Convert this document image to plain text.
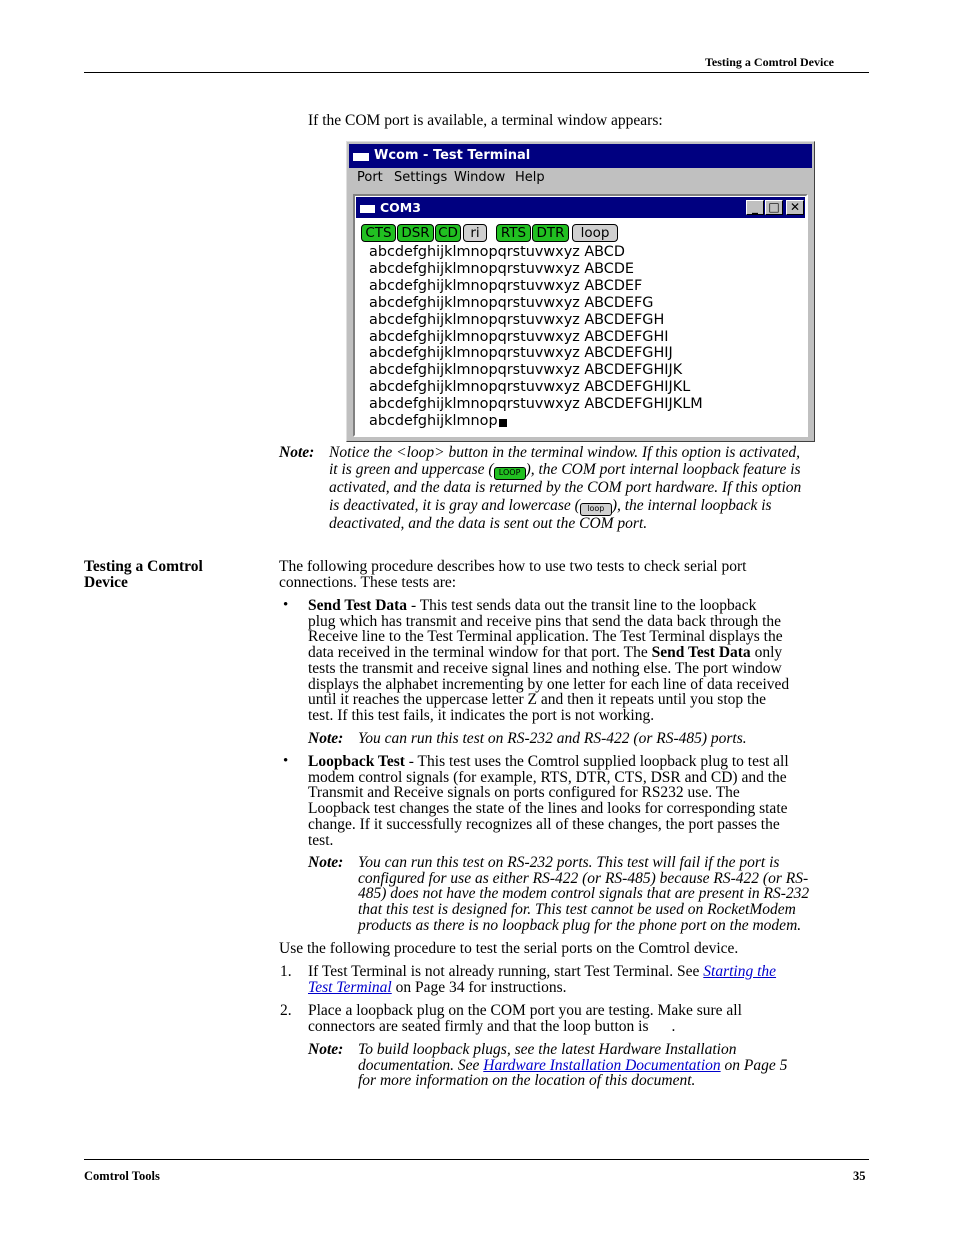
Testing a Comtrol Device
If the COM port is available, a terminal window appears:
Wcom - Test Terminal
Port Settings Window Help
COM3	_ □ ✕
CTS DSR CD ri	RTS DTR	loop
abcdefghijklmnopqrstuvwxyz ABCD
abcdefghijklmnopqrstuvwxyz ABCDE
abcdefghijklmnopqrstuvwxyz ABCDEF
abcdefghijklmnopqrstuvwxyz ABCDEFG
abcdefghijklmnopqrstuvwxyz ABCDEFGH
abcdefghijklmnopqrstuvwxyz ABCDEFGHI
abcdefghijklmnopqrstuvwxyz ABCDEFGHIJ
abcdefghijklmnopqrstuvwxyz ABCDEFGHIJK
abcdefghijklmnopqrstuvwxyz ABCDEFGHIJKL
abcdefghijklmnopqrstuvwxyz ABCDEFGHIJKLM
abcdefghijklmnop
Note: Notice the <loop> button in the terminal window. If this option is activated,
it is green and uppercase ( LOOP ), the COM port internal loopback feature is
activated, and the data is returned by the COM port hardware. If this option
is deactivated, it is gray and lowercase ( loop ), the internal loopback is
deactivated, and the data is sent out the COM port.
Testing a Comtrol
Device
The following procedure describes how to use two tests to check serial port
connections. These tests are:
• Send Test Data - This test sends data out the transit line to the loopback
plug which has transmit and receive pins that send the data back through the
Receive line to the Test Terminal application. The Test Terminal displays the
data received in the terminal window for that port. The Send Test Data only
tests the transmit and receive signal lines and nothing else. The port window
displays the alphabet incrementing by one letter for each line of data received
until it reaches the uppercase letter Z and then it repeats until you stop the
test. If this test fails, it indicates the port is not working.
Note: You can run this test on RS-232 and RS-422 (or RS-485) ports.
• Loopback Test - This test uses the Comtrol supplied loopback plug to test all
modem control signals (for example, RTS, DTR, CTS, DSR and CD) and the
Transmit and Receive signals on ports configured for RS232 use. The
Loopback test changes the state of the lines and looks for corresponding state
change. If it successfully recognizes all of these changes, the port passes the
test.
Note: You can run this test on RS-232 ports. This test will fail if the port is
configured for use as either RS-422 (or RS-485) because RS-422 (or RS-
485) does not have the modem control signals that are present in RS-232
that this test is designed for. This test cannot be used on RocketModem
products as there is no loopback plug for the phone port on the modem.
Use the following procedure to test the serial ports on the Comtrol device.
1. If Test Terminal is not already running, start Test Terminal. See Starting the
Test Terminal on Page 34 for instructions.
2. Place a loopback plug on the COM port you are testing. Make sure all
connectors are seated firmly and that the loop button is .
Note: To build loopback plugs, see the latest Hardware Installation
documentation. See Hardware Installation Documentation on Page 5
for more information on the location of this document.
Comtrol Tools	35
